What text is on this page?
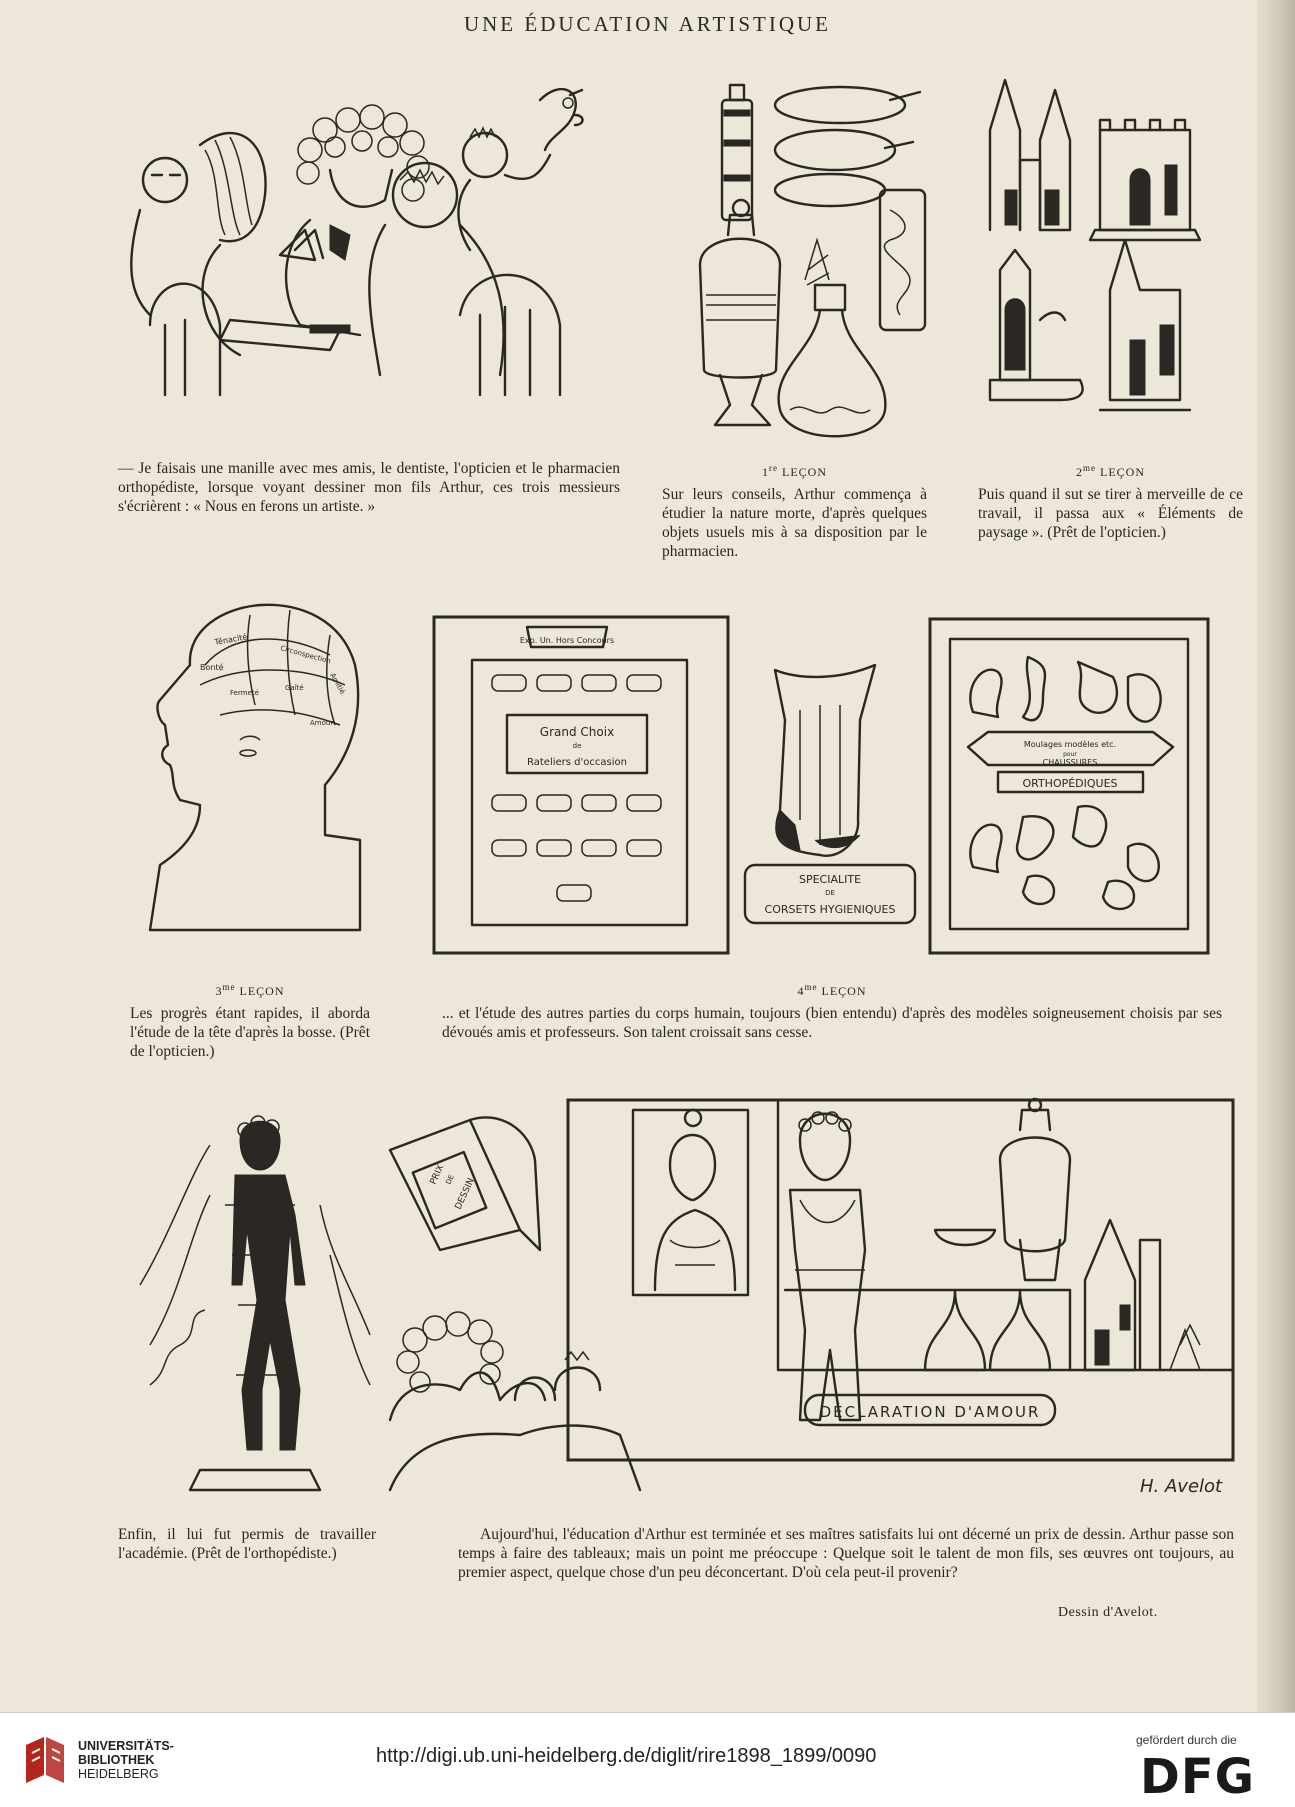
UNE ÉDUCATION ARTISTIQUE
— Je faisais une manille avec mes amis, le dentiste, l'opticien et le pharmacien orthopédiste, lorsque voyant dessiner mon fils Arthur, ces trois messieurs s'écrièrent : « Nous en ferons un artiste. »
1re LEÇON
Sur leurs conseils, Arthur commença à étudier la nature morte, d'après quelques objets usuels mis à sa disposition par le pharmacien.
$2^{me}$ LEÇON
Puis quand il sut se tirer à merveille de ce travail, il passa aux « Éléments de paysage ». (Prêt de l'opticien.)
Ténacité
Circonspection
Bonté
Fermeté
Gaîté
Amour
Amitié
$3^{me}$ LEÇON
Les progrès étant rapides, il aborda l'étude de la tête d'après la bosse. (Prêt de l'opticien.)
Exp. Un. Hors Concours
Grand Choix
de
Rateliers d'occasion
SPECIALITE
DE
CORSETS HYGIENIQUES
Moulages modèles etc.
pour
CHAUSSURES
ORTHOPÉDIQUES
$4^{me}$ LEÇON
... et l'étude des autres parties du corps humain, toujours (bien entendu) d'après des modèles soigneusement choisis par ses dévoués amis et professeurs. Son talent croissait sans cesse.
Enfin, il lui fut permis de travailler l'académie. (Prêt de l'orthopédiste.)
PRIX
DE
DESSIN
DÉCLARATION D'AMOUR
H. Avelot
Aujourd'hui, l'éducation d'Arthur est terminée et ses maîtres satisfaits lui ont décerné un prix de dessin. Arthur passe son temps à faire des tableaux; mais un point me préoccupe : Quelque soit le talent de mon fils, ses œuvres ont toujours, au premier aspect, quelque chose d'un peu déconcertant. D'où cela peut-il provenir?
Dessin d'Avelot.
UNIVERSITÄTS-
BIBLIOTHEK
HEIDELBERG
http://digi.ub.uni-heidelberg.de/diglit/rire1898_1899/0090
gefördert durch die
DFG
